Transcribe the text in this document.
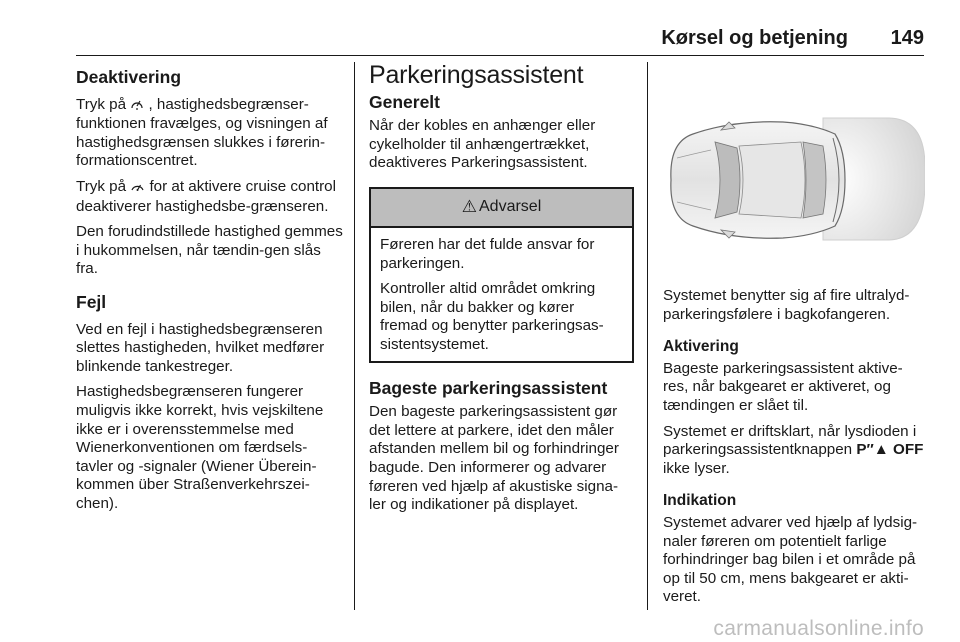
Kørsel og betjening 149
Deaktivering

Tryk på , hastighedsbegrænser-funktionen fravælges, og visningen af hastighedsgrænsen slukkes i førerin-formationscentret.

Tryk på  for at aktivere cruise control deaktiverer hastighedsbe-grænseren.

Den forudindstillede hastighed gemmes i hukommelsen, når tændin-gen slås fra.

Fejl

Ved en fejl i hastighedsbegrænseren slettes hastigheden, hvilket medfører blinkende tankestreger.

Hastighedsbegrænseren fungerer muligvis ikke korrekt, hvis vejskiltene ikke er i overensstemmelse med Wienerkonventionen om færdsels-tavler og -signaler (Wiener Überein-kommen über Straßenverkehrszei-chen).

Parkeringsassistent
Generelt

Når der kobles en anhænger eller cykelholder til anhængertrækket, deaktiveres Parkeringsassistent.

⚠ Advarsel

Føreren har det fulde ansvar for parkeringen.

Kontroller altid området omkring bilen, når du bakker og kører fremad og benytter parkeringsas-sistentsystemet.

Bageste parkeringsassistent

Den bageste parkeringsassistent gør det lettere at parkere, idet den måler afstanden mellem bil og forhindringer bagude. Den informerer og advarer føreren ved hjælp af akustiske signa-ler og indikationer på displayet.

Systemet benytter sig af fire ultralyd-parkeringsfølere i bagkofangeren.

Aktivering

Bageste parkeringsassistent aktive-res, når bakgearet er aktiveret, og tændingen er slået til.

Systemet er driftsklart, når lysdioden i parkeringsassistentknappen P″▲ OFF ikke lyser.

Indikation

Systemet advarer ved hjælp af lydsig-naler føreren om potentielt farlige forhindringer bag bilen i et område på op til 50 cm, mens bakgearet er akti-veret.

carmanualsonline.info
